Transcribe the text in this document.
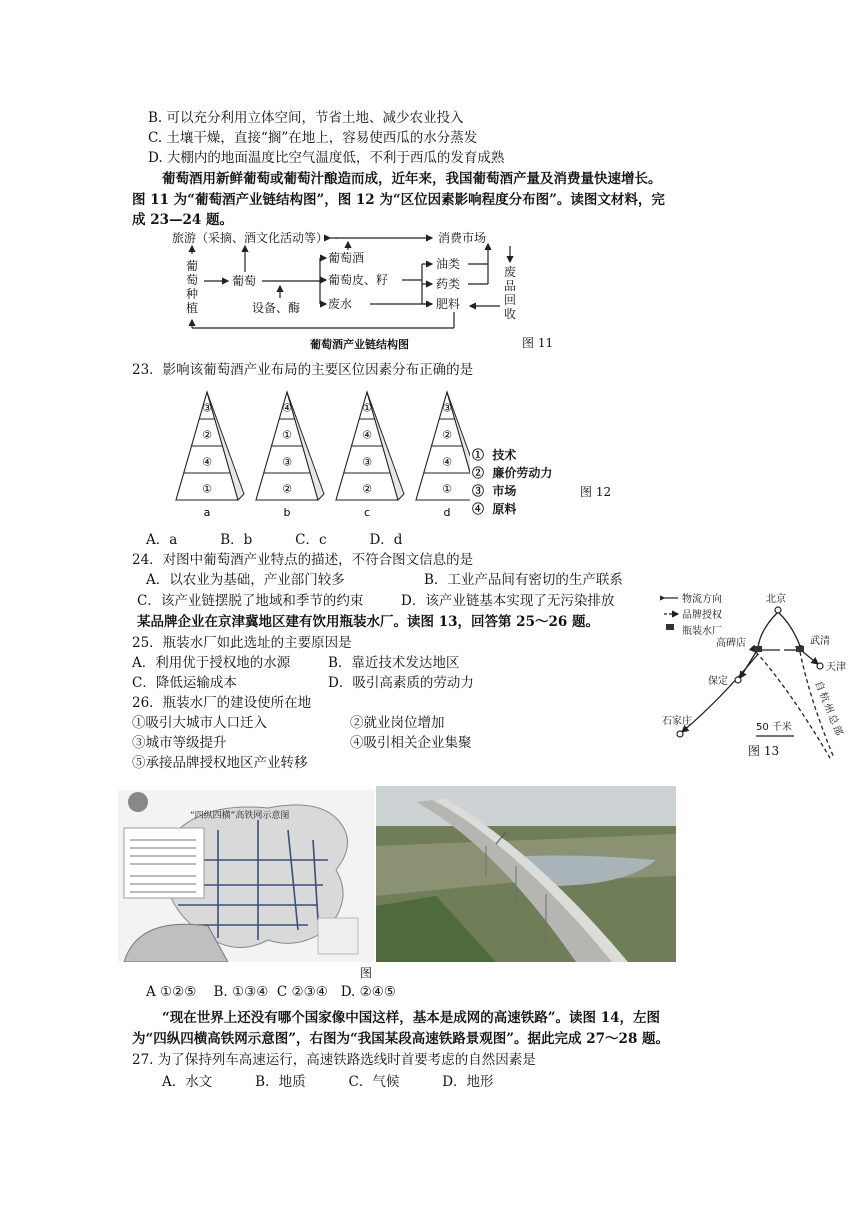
B. 可以充分利用立体空间，节省土地、减少农业投入
C. 土壤干燥，直接“搁”在地上，容易使西瓜的水分蒸发
D. 大棚内的地面温度比空气温度低，不利于西瓜的发育成熟
葡萄酒用新鲜葡萄或葡萄汁酿造而成，近年来，我国葡萄酒产量及消费量快速增长。
图 11 为“葡萄酒产业链结构图”，图 12 为“区位因素影响程度分布图”。读图文材料，完
成 23—24 题。
旅游（采摘、酒文化活动等）	消费市场
葡
萄
种
植
葡萄
设备、酶
葡萄酒
葡萄皮、籽
废水
油类
药类
肥料
废
品
回
收
葡萄酒产业链结构图	图 11
23．影响该葡萄酒产业布局的主要区位因素分布正确的是
③
②
④
①
a
④
①
③
②
b
①
④
③
②
c
③
②
④
①
d
① 技术
② 廉价劳动力
③ 市场
④ 原料
图 12
A．a          B．b          C．c          D．d
24．对图中葡萄酒产业特点的描述，不符合图文信息的是
A．以农业为基础，产业部门较多	B．工业产品间有密切的生产联系
C．该产业链摆脱了地域和季节的约束	D．该产业链基本实现了无污染排放
某品牌企业在京津冀地区建有饮用瓶装水厂。读图 13，回答第 25～26 题。
25．瓶装水厂如此选址的主要原因是
A．利用优于授权地的水源	B．靠近技术发达地区
C．降低运输成本	D．吸引高素质的劳动力
26．瓶装水厂的建设使所在地
①吸引大城市人口迁入	②就业岗位增加
③城市等级提升	④吸引相关企业集聚
⑤承接品牌授权地区产业转移
物流方向
品牌授权
瓶装水厂
北京
武清
高碑店
天津
保定
石家庄
50 千米
自
杭
州
总
部
图 13
“四纵四横”高铁网示意图
图
A ①②⑤    B. ①③④  C ②③④   D. ②④⑤
“现在世界上还没有哪个国家像中国这样，基本是成网的高速铁路”。读图 14，左图
为“四纵四横高铁网示意图”，右图为“我国某段高速铁路景观图”。据此完成 27～28 题。
27. 为了保持列车高速运行，高速铁路选线时首要考虑的自然因素是
A．水文          B．地质          C．气候          D．地形
